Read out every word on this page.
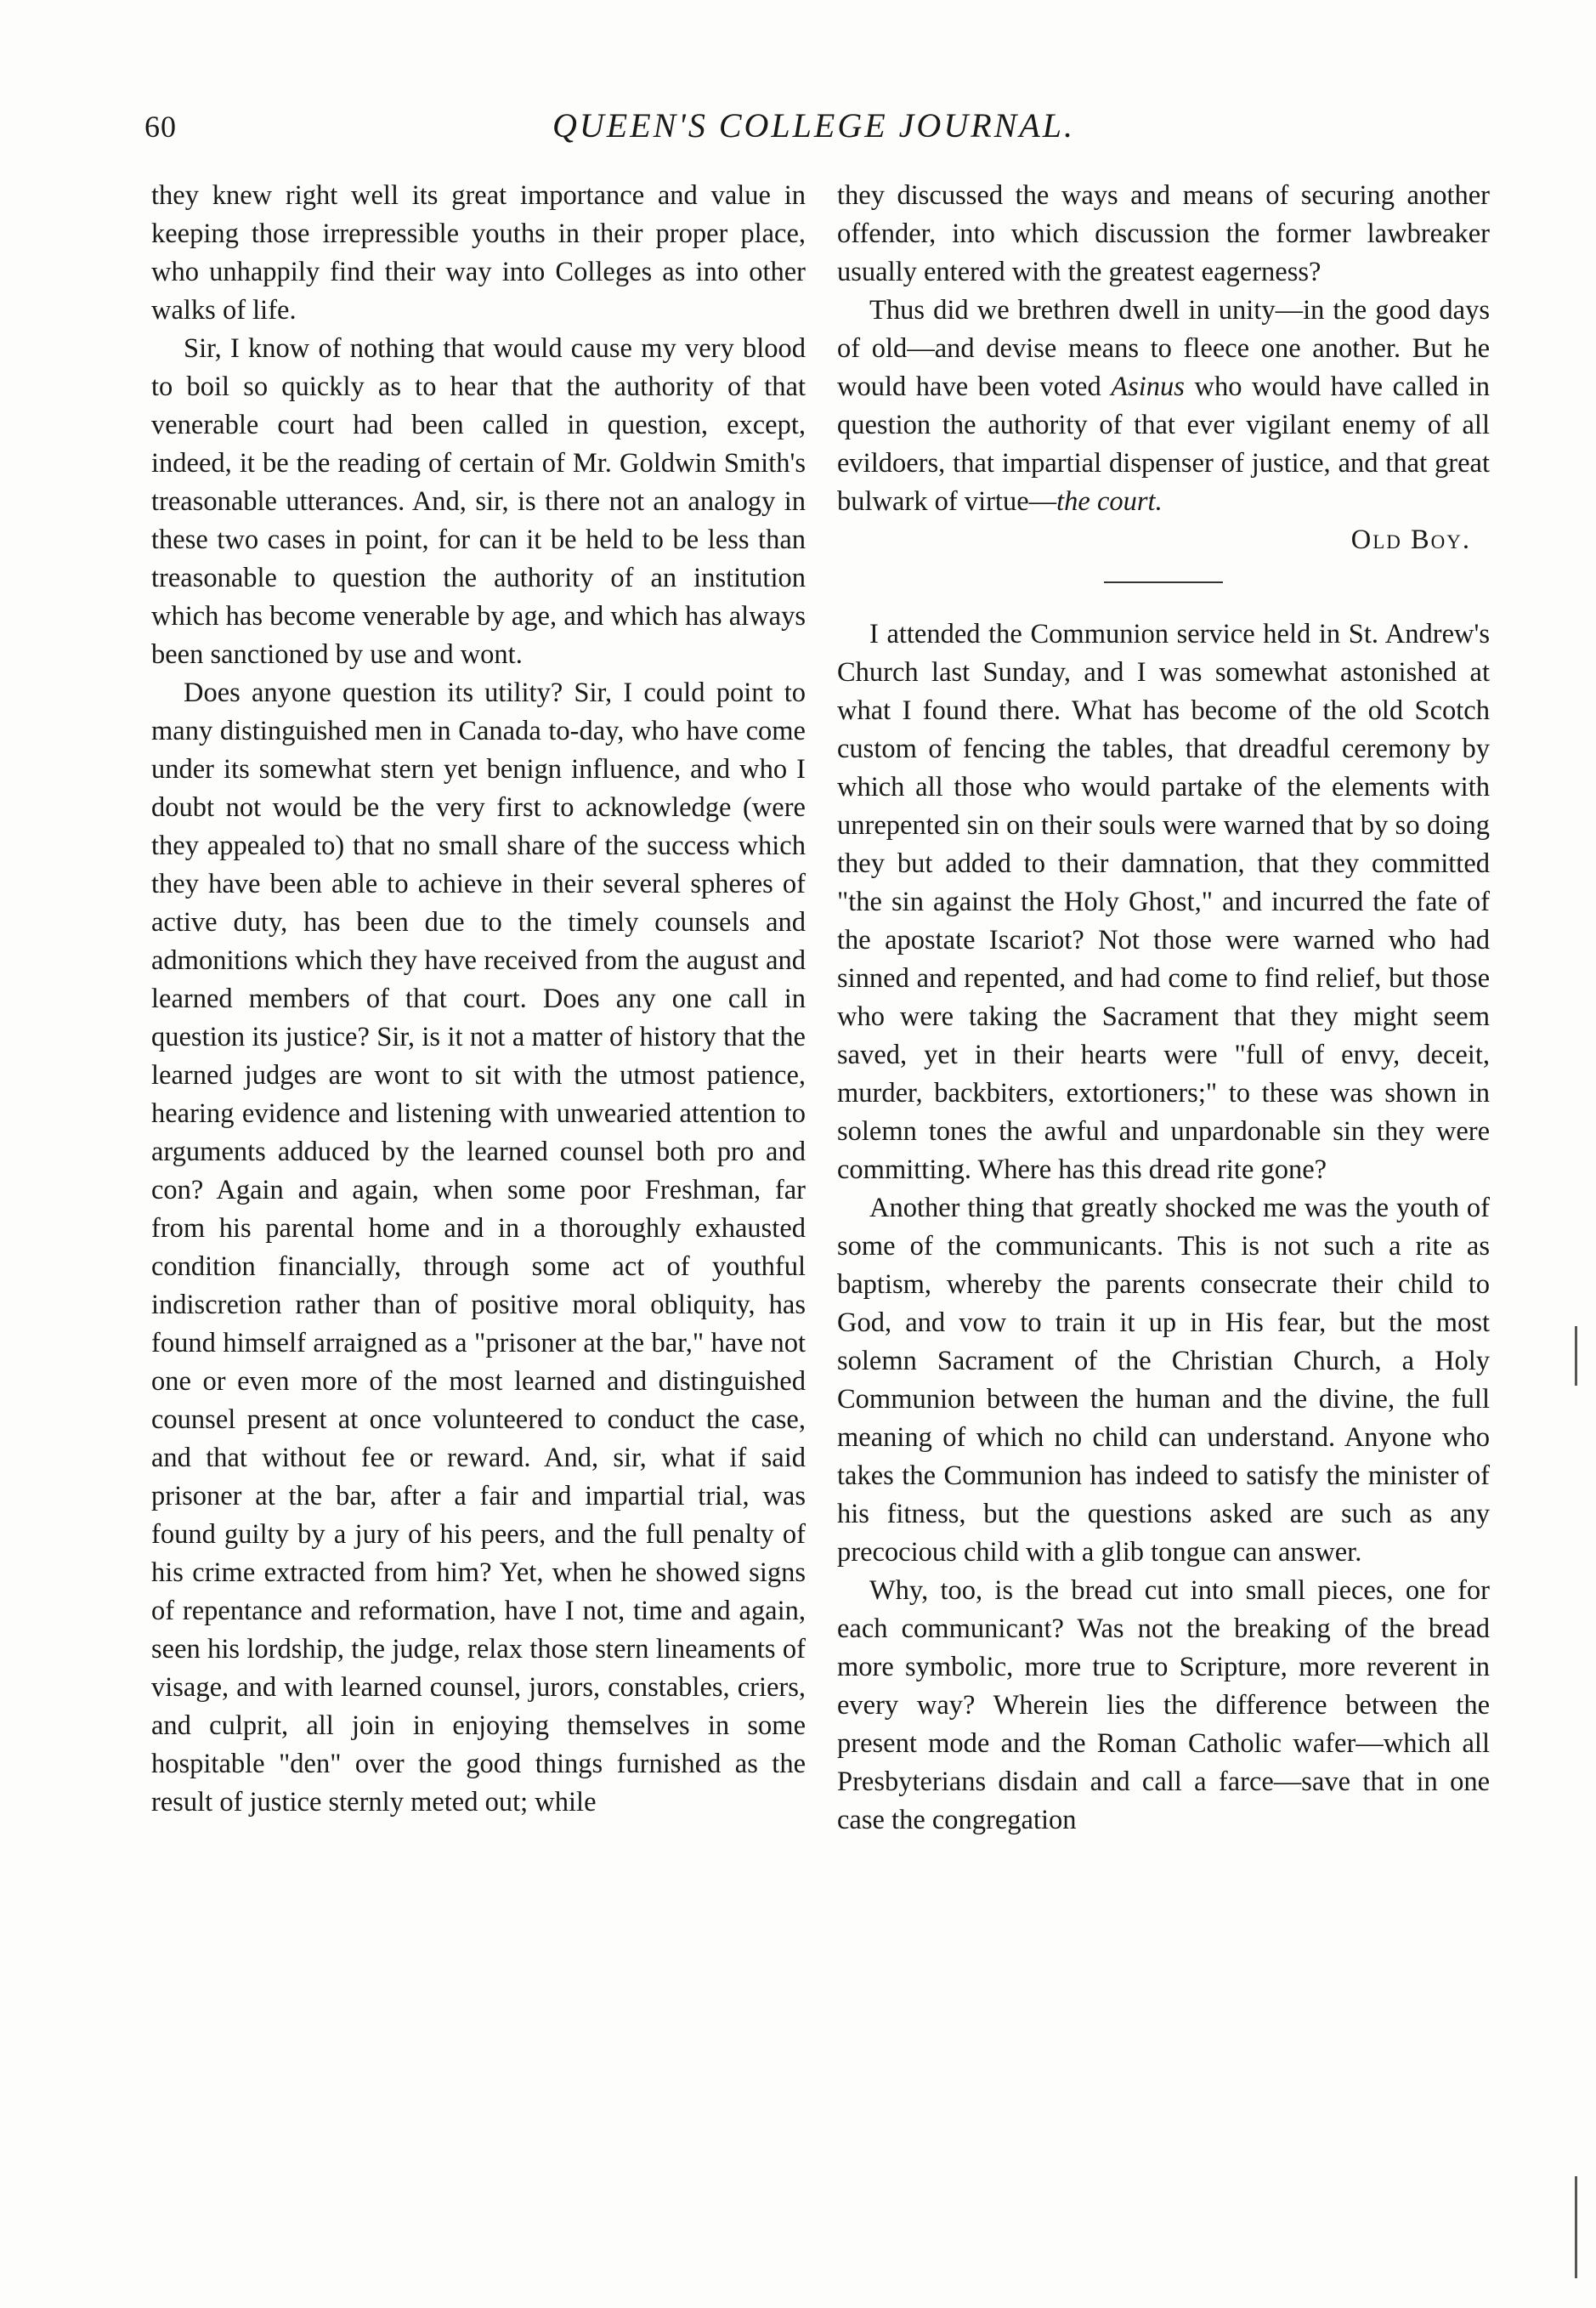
60	QUEEN'S COLLEGE JOURNAL.

they knew right well its great importance and value in keeping those irrepressible youths in their proper place, who unhappily find their way into Colleges as into other walks of life.

Sir, I know of nothing that would cause my very blood to boil so quickly as to hear that the authority of that venerable court had been called in question, except, indeed, it be the reading of certain of Mr. Goldwin Smith's treasonable utterances. And, sir, is there not an analogy in these two cases in point, for can it be held to be less than treasonable to question the authority of an institution which has become venerable by age, and which has always been sanctioned by use and wont.

Does anyone question its utility? Sir, I could point to many distinguished men in Canada to-day, who have come under its somewhat stern yet benign influence, and who I doubt not would be the very first to acknowledge (were they appealed to) that no small share of the success which they have been able to achieve in their several spheres of active duty, has been due to the timely counsels and admonitions which they have received from the august and learned members of that court. Does any one call in question its justice? Sir, is it not a matter of history that the learned judges are wont to sit with the utmost patience, hearing evidence and listening with unwearied attention to arguments adduced by the learned counsel both pro and con? Again and again, when some poor Freshman, far from his parental home and in a thoroughly exhausted condition financially, through some act of youthful indiscretion rather than of positive moral obliquity, has found himself arraigned as a "prisoner at the bar," have not one or even more of the most learned and distinguished counsel present at once volunteered to conduct the case, and that without fee or reward. And, sir, what if said prisoner at the bar, after a fair and impartial trial, was found guilty by a jury of his peers, and the full penalty of his crime extracted from him? Yet, when he showed signs of repentance and reformation, have I not, time and again, seen his lordship, the judge, relax those stern lineaments of visage, and with learned counsel, jurors, constables, criers, and culprit, all join in enjoying themselves in some hospitable "den" over the good things furnished as the result of justice sternly meted out; while

they discussed the ways and means of securing another offender, into which discussion the former lawbreaker usually entered with the greatest eagerness?

Thus did we brethren dwell in unity—in the good days of old—and devise means to fleece one another. But he would have been voted Asinus who would have called in question the authority of that ever vigilant enemy of all evildoers, that impartial dispenser of justice, and that great bulwark of virtue—the court.

Old Boy.

I attended the Communion service held in St. Andrew's Church last Sunday, and I was somewhat astonished at what I found there. What has become of the old Scotch custom of fencing the tables, that dreadful ceremony by which all those who would partake of the elements with unrepented sin on their souls were warned that by so doing they but added to their damnation, that they committed "the sin against the Holy Ghost," and incurred the fate of the apostate Iscariot? Not those were warned who had sinned and repented, and had come to find relief, but those who were taking the Sacrament that they might seem saved, yet in their hearts were "full of envy, deceit, murder, backbiters, extortioners;" to these was shown in solemn tones the awful and unpardonable sin they were committing. Where has this dread rite gone?

Another thing that greatly shocked me was the youth of some of the communicants. This is not such a rite as baptism, whereby the parents consecrate their child to God, and vow to train it up in His fear, but the most solemn Sacrament of the Christian Church, a Holy Communion between the human and the divine, the full meaning of which no child can understand. Anyone who takes the Communion has indeed to satisfy the minister of his fitness, but the questions asked are such as any precocious child with a glib tongue can answer.

Why, too, is the bread cut into small pieces, one for each communicant? Was not the breaking of the bread more symbolic, more true to Scripture, more reverent in every way? Wherein lies the difference between the present mode and the Roman Catholic wafer—which all Presbyterians disdain and call a farce—save that in one case the congregation
